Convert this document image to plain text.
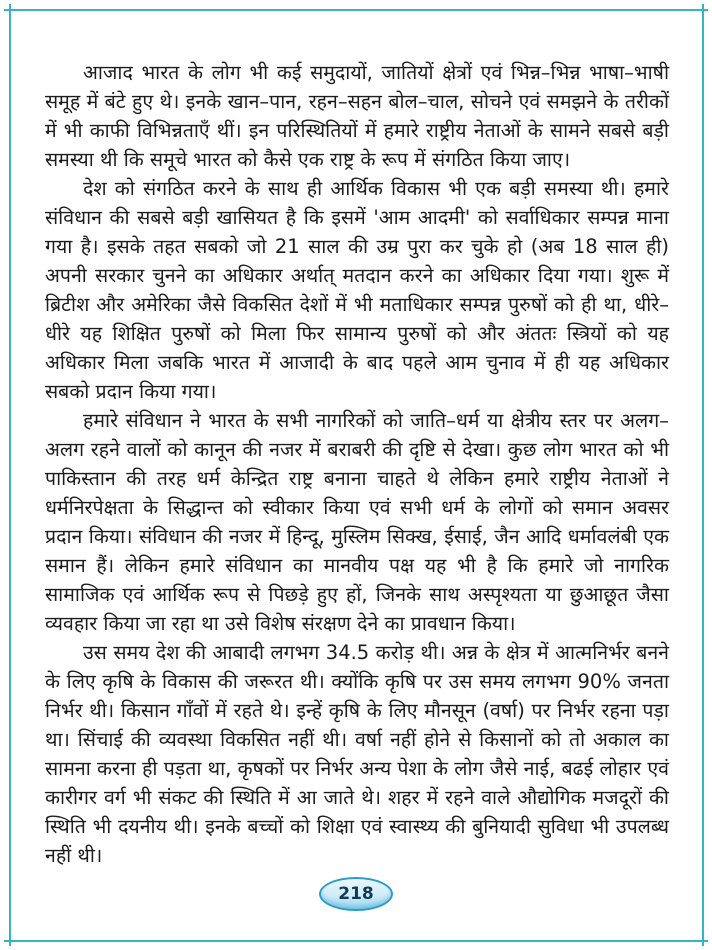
आजाद भारत के लोग भी कई समुदायों, जातियों क्षेत्रों एवं भिन्न–भिन्न भाषा–भाषी समूह में बंटे हुए थे। इनके खान–पान, रहन–सहन बोल–चाल, सोचने एवं समझने के तरीकों में भी काफी विभिन्नताएँ थीं। इन परिस्थितियों में हमारे राष्ट्रीय नेताओं के सामने सबसे बड़ी समस्या थी कि समूचे भारत को कैसे एक राष्ट्र के रूप में संगठित किया जाए।

देश को संगठित करने के साथ ही आर्थिक विकास भी एक बड़ी समस्या थी। हमारे संविधान की सबसे बड़ी खासियत है कि इसमें 'आम आदमी' को सर्वाधिकार सम्पन्न माना गया है। इसके तहत सबको जो 21 साल की उम्र पुरा कर चुके हो (अब 18 साल ही) अपनी सरकार चुनने का अधिकार अर्थात् मतदान करने का अधिकार दिया गया। शुरू में ब्रिटीश और अमेरिका जैसे विकसित देशों में भी मताधिकार सम्पन्न पुरुषों को ही था, धीरे–धीरे यह शिक्षित पुरुषों को मिला फिर सामान्य पुरुषों को और अंततः स्त्रियों को यह अधिकार मिला जबकि भारत में आजादी के बाद पहले आम चुनाव में ही यह अधिकार सबको प्रदान किया गया।

हमारे संविधान ने भारत के सभी नागरिकों को जाति–धर्म या क्षेत्रीय स्तर पर अलग–अलग रहने वालों को कानून की नजर में बराबरी की दृष्टि से देखा। कुछ लोग भारत को भी पाकिस्तान की तरह धर्म केन्द्रित राष्ट्र बनाना चाहते थे लेकिन हमारे राष्ट्रीय नेताओं ने धर्मनिरपेक्षता के सिद्धान्त को स्वीकार किया एवं सभी धर्म के लोगों को समान अवसर प्रदान किया। संविधान की नजर में हिन्दू, मुस्लिम सिक्ख, ईसाई, जैन आदि धर्मावलंबी एक समान हैं। लेकिन हमारे संविधान का मानवीय पक्ष यह भी है कि हमारे जो नागरिक सामाजिक एवं आर्थिक रूप से पिछड़े हुए हों, जिनके साथ अस्पृश्यता या छुआछूत जैसा व्यवहार किया जा रहा था उसे विशेष संरक्षण देने का प्रावधान किया।

उस समय देश की आबादी लगभग 34.5 करोड़ थी। अन्न के क्षेत्र में आत्मनिर्भर बनने के लिए कृषि के विकास की जरूरत थी। क्योंकि कृषि पर उस समय लगभग 90% जनता निर्भर थी। किसान गाँवों में रहते थे। इन्हें कृषि के लिए मौनसून (वर्षा) पर निर्भर रहना पड़ा था। सिंचाई की व्यवस्था विकसित नहीं थी। वर्षा नहीं होने से किसानों को तो अकाल का सामना करना ही पड़ता था, कृषकों पर निर्भर अन्य पेशा के लोग जैसे नाई, बढई लोहार एवं कारीगर वर्ग भी संकट की स्थिति में आ जाते थे। शहर में रहने वाले औद्योगिक मजदूरों की स्थिति भी दयनीय थी। इनके बच्चों को शिक्षा एवं स्वास्थ्य की बुनियादी सुविधा भी उपलब्ध नहीं थी।

218
